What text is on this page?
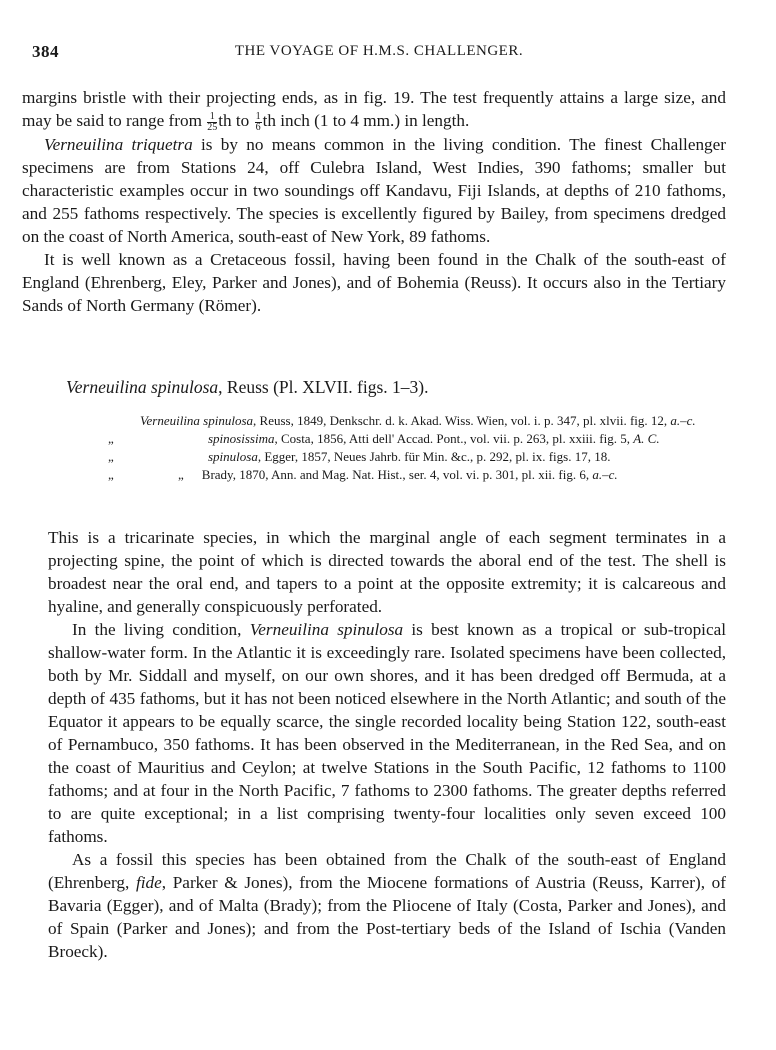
384	THE VOYAGE OF H.M.S. CHALLENGER.

margins bristle with their projecting ends, as in fig. 19. The test frequently attains a large size, and may be said to range from $\frac{1}{25}$ th to $\frac{1}{6}$ th inch (1 to 4 mm.) in length.

Verneuilina triquetra is by no means common in the living condition. The finest Challenger specimens are from Stations 24, off Culebra Island, West Indies, 390 fathoms; smaller but characteristic examples occur in two soundings off Kandavu, Fiji Islands, at depths of 210 fathoms, and 255 fathoms respectively. The species is excellently figured by Bailey, from specimens dredged on the coast of North America, south-east of New York, 89 fathoms.

It is well known as a Cretaceous fossil, having been found in the Chalk of the south-east of England (Ehrenberg, Eley, Parker and Jones), and of Bohemia (Reuss). It occurs also in the Tertiary Sands of North Germany (Römer).

Verneuilina spinulosa, Reuss (Pl. XLVII. figs. 1–3).
Verneuilina spinulosa, Reuss, 1849, Denkschr. d. k. Akad. Wiss. Wien, vol. i. p. 347, pl. xlvii. fig. 12, a.–c.
„	spinosissima, Costa, 1856, Atti dell' Accad. Pont., vol. vii. p. 263, pl. xxiii. fig. 5, A. C.
„	spinulosa, Egger, 1857, Neues Jahrb. für Min. &c., p. 292, pl. ix. figs. 17, 18.
„	„ Brady, 1870, Ann. and Mag. Nat. Hist., ser. 4, vol. vi. p. 301, pl. xii. fig. 6, a.–c.

This is a tricarinate species, in which the marginal angle of each segment terminates in a projecting spine, the point of which is directed towards the aboral end of the test. The shell is broadest near the oral end, and tapers to a point at the opposite extremity; it is calcareous and hyaline, and generally conspicuously perforated.

In the living condition, Verneuilina spinulosa is best known as a tropical or sub-tropical shallow-water form. In the Atlantic it is exceedingly rare. Isolated specimens have been collected, both by Mr. Siddall and myself, on our own shores, and it has been dredged off Bermuda, at a depth of 435 fathoms, but it has not been noticed elsewhere in the North Atlantic; and south of the Equator it appears to be equally scarce, the single recorded locality being Station 122, south-east of Pernambuco, 350 fathoms. It has been observed in the Mediterranean, in the Red Sea, and on the coast of Mauritius and Ceylon; at twelve Stations in the South Pacific, 12 fathoms to 1100 fathoms; and at four in the North Pacific, 7 fathoms to 2300 fathoms. The greater depths referred to are quite exceptional; in a list comprising twenty-four localities only seven exceed 100 fathoms.

As a fossil this species has been obtained from the Chalk of the south-east of England (Ehrenberg, fide, Parker & Jones), from the Miocene formations of Austria (Reuss, Karrer), of Bavaria (Egger), and of Malta (Brady); from the Pliocene of Italy (Costa, Parker and Jones), and of Spain (Parker and Jones); and from the Post-tertiary beds of the Island of Ischia (Vanden Broeck).
